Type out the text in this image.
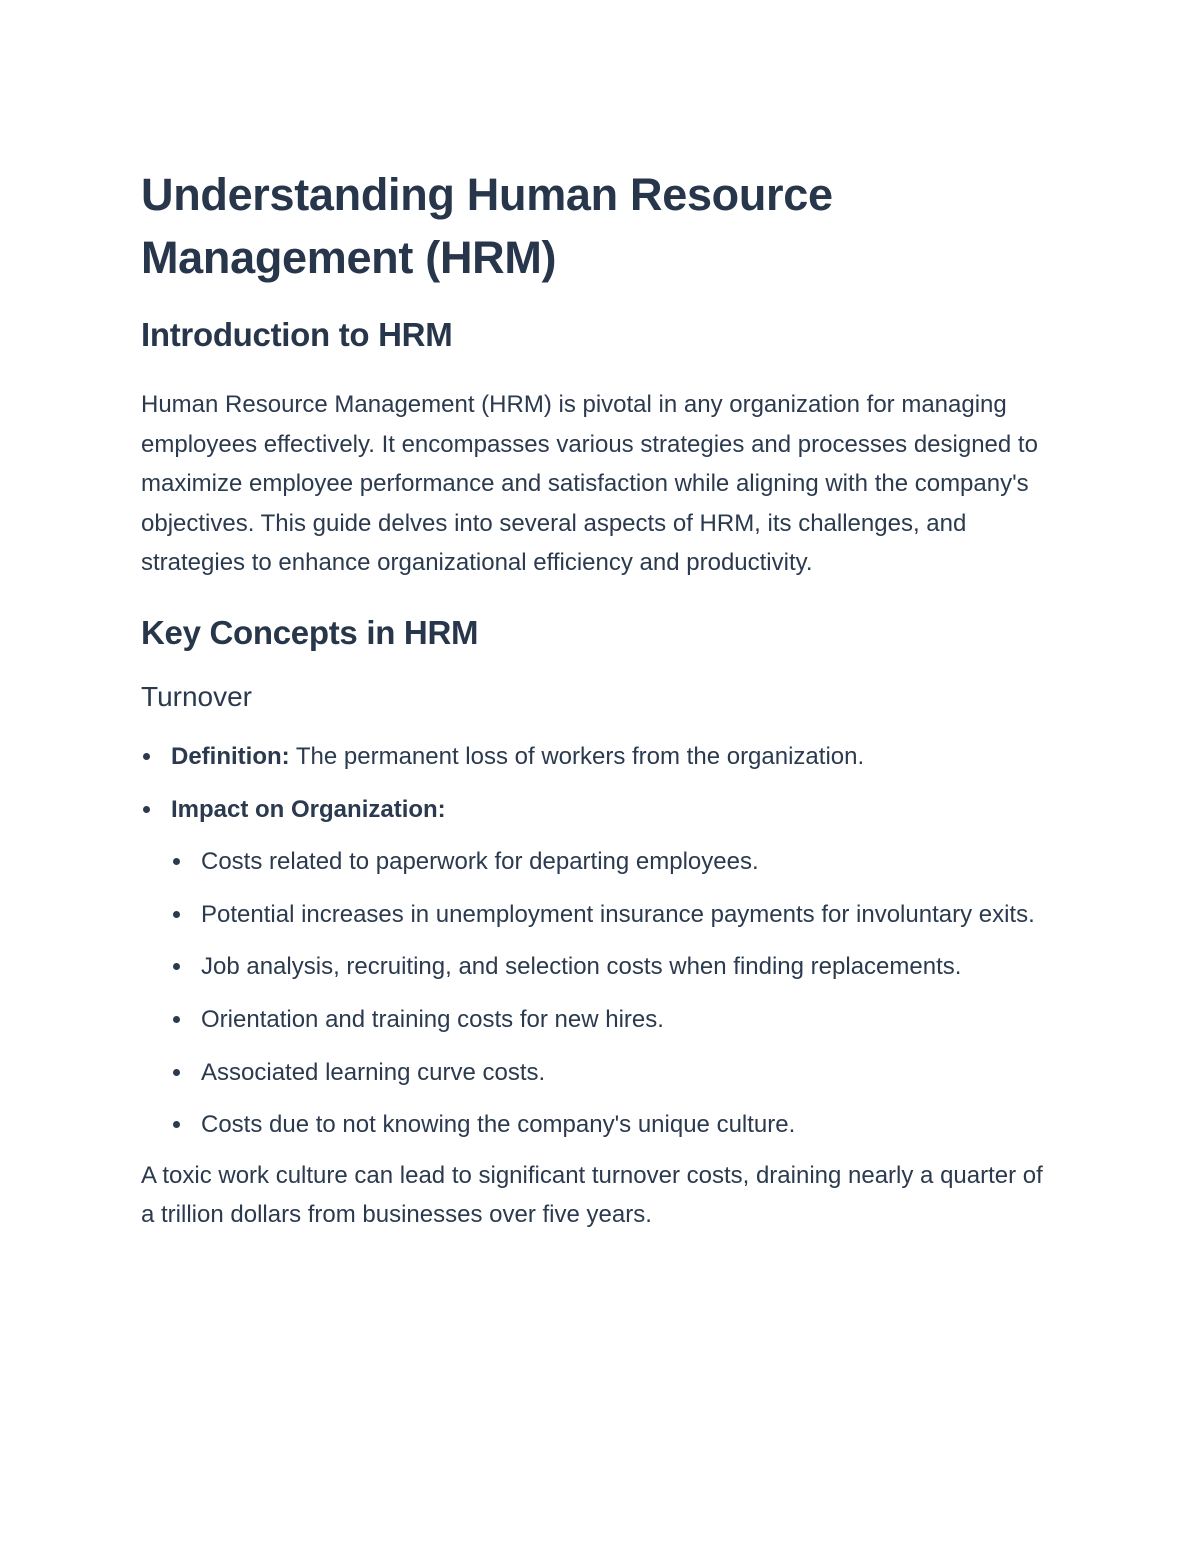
Understanding Human Resource Management (HRM)
Introduction to HRM

Human Resource Management (HRM) is pivotal in any organization for managing employees effectively. It encompasses various strategies and processes designed to maximize employee performance and satisfaction while aligning with the company's objectives. This guide delves into several aspects of HRM, its challenges, and strategies to enhance organizational efficiency and productivity.

Key Concepts in HRM
Turnover
Definition: The permanent loss of workers from the organization.
Impact on Organization:
Costs related to paperwork for departing employees.
Potential increases in unemployment insurance payments for involuntary exits.
Job analysis, recruiting, and selection costs when finding replacements.
Orientation and training costs for new hires.
Associated learning curve costs.
Costs due to not knowing the company's unique culture.

A toxic work culture can lead to significant turnover costs, draining nearly a quarter of a trillion dollars from businesses over five years.
